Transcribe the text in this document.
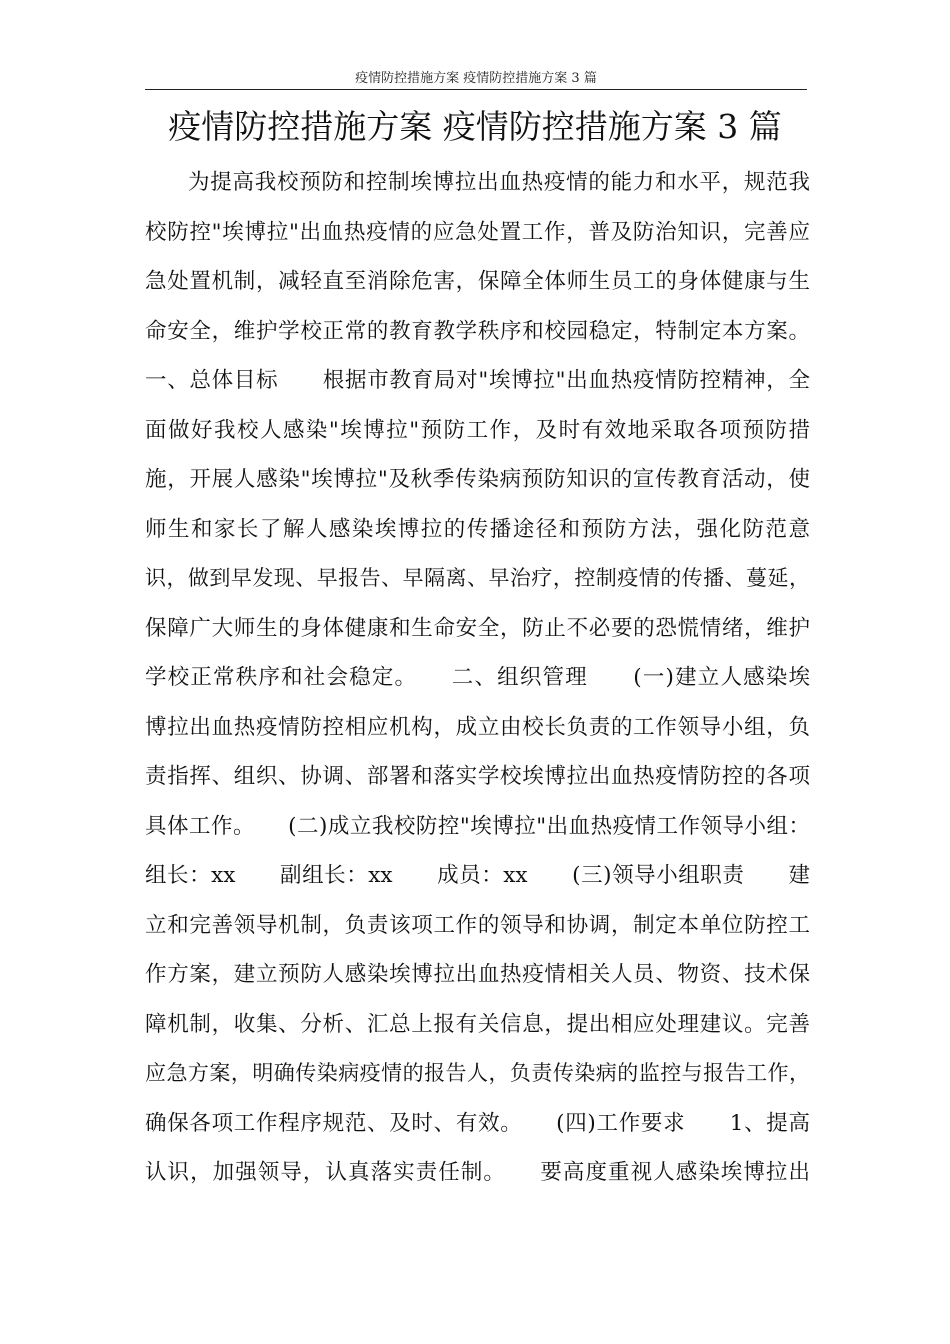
疫情防控措施方案 疫情防控措施方案 3 篇
疫情防控措施方案 疫情防控措施方案 3 篇
为提高我校预防和控制埃博拉出血热疫情的能力和水平，规范我
校防控"埃博拉"出血热疫情的应急处置工作，普及防治知识，完善应
急处置机制，减轻直至消除危害，保障全体师生员工的身体健康与生
命安全，维护学校正常的教育教学秩序和校园稳定，特制定本方案。
一、总体目标　　根据市教育局对"埃博拉"出血热疫情防控精神，全
面做好我校人感染"埃博拉"预防工作，及时有效地采取各项预防措
施，开展人感染"埃博拉"及秋季传染病预防知识的宣传教育活动，使
师生和家长了解人感染埃博拉的传播途径和预防方法，强化防范意
识，做到早发现、早报告、早隔离、早治疗，控制疫情的传播、蔓延，
保障广大师生的身体健康和生命安全，防止不必要的恐慌情绪，维护
学校正常秩序和社会稳定。　　二、组织管理　　(一)建立人感染埃
博拉出血热疫情防控相应机构，成立由校长负责的工作领导小组，负
责指挥、组织、协调、部署和落实学校埃博拉出血热疫情防控的各项
具体工作。　　(二)成立我校防控"埃博拉"出血热疫情工作领导小组：
组长：xx　　副组长：xx　　成员：xx　　(三)领导小组职责　　建
立和完善领导机制，负责该项工作的领导和协调，制定本单位防控工
作方案，建立预防人感染埃博拉出血热疫情相关人员、物资、技术保
障机制，收集、分析、汇总上报有关信息，提出相应处理建议。完善
应急方案，明确传染病疫情的报告人，负责传染病的监控与报告工作，
确保各项工作程序规范、及时、有效。　　(四)工作要求　　1、提高
认识，加强领导，认真落实责任制。　　要高度重视人感染埃博拉出
